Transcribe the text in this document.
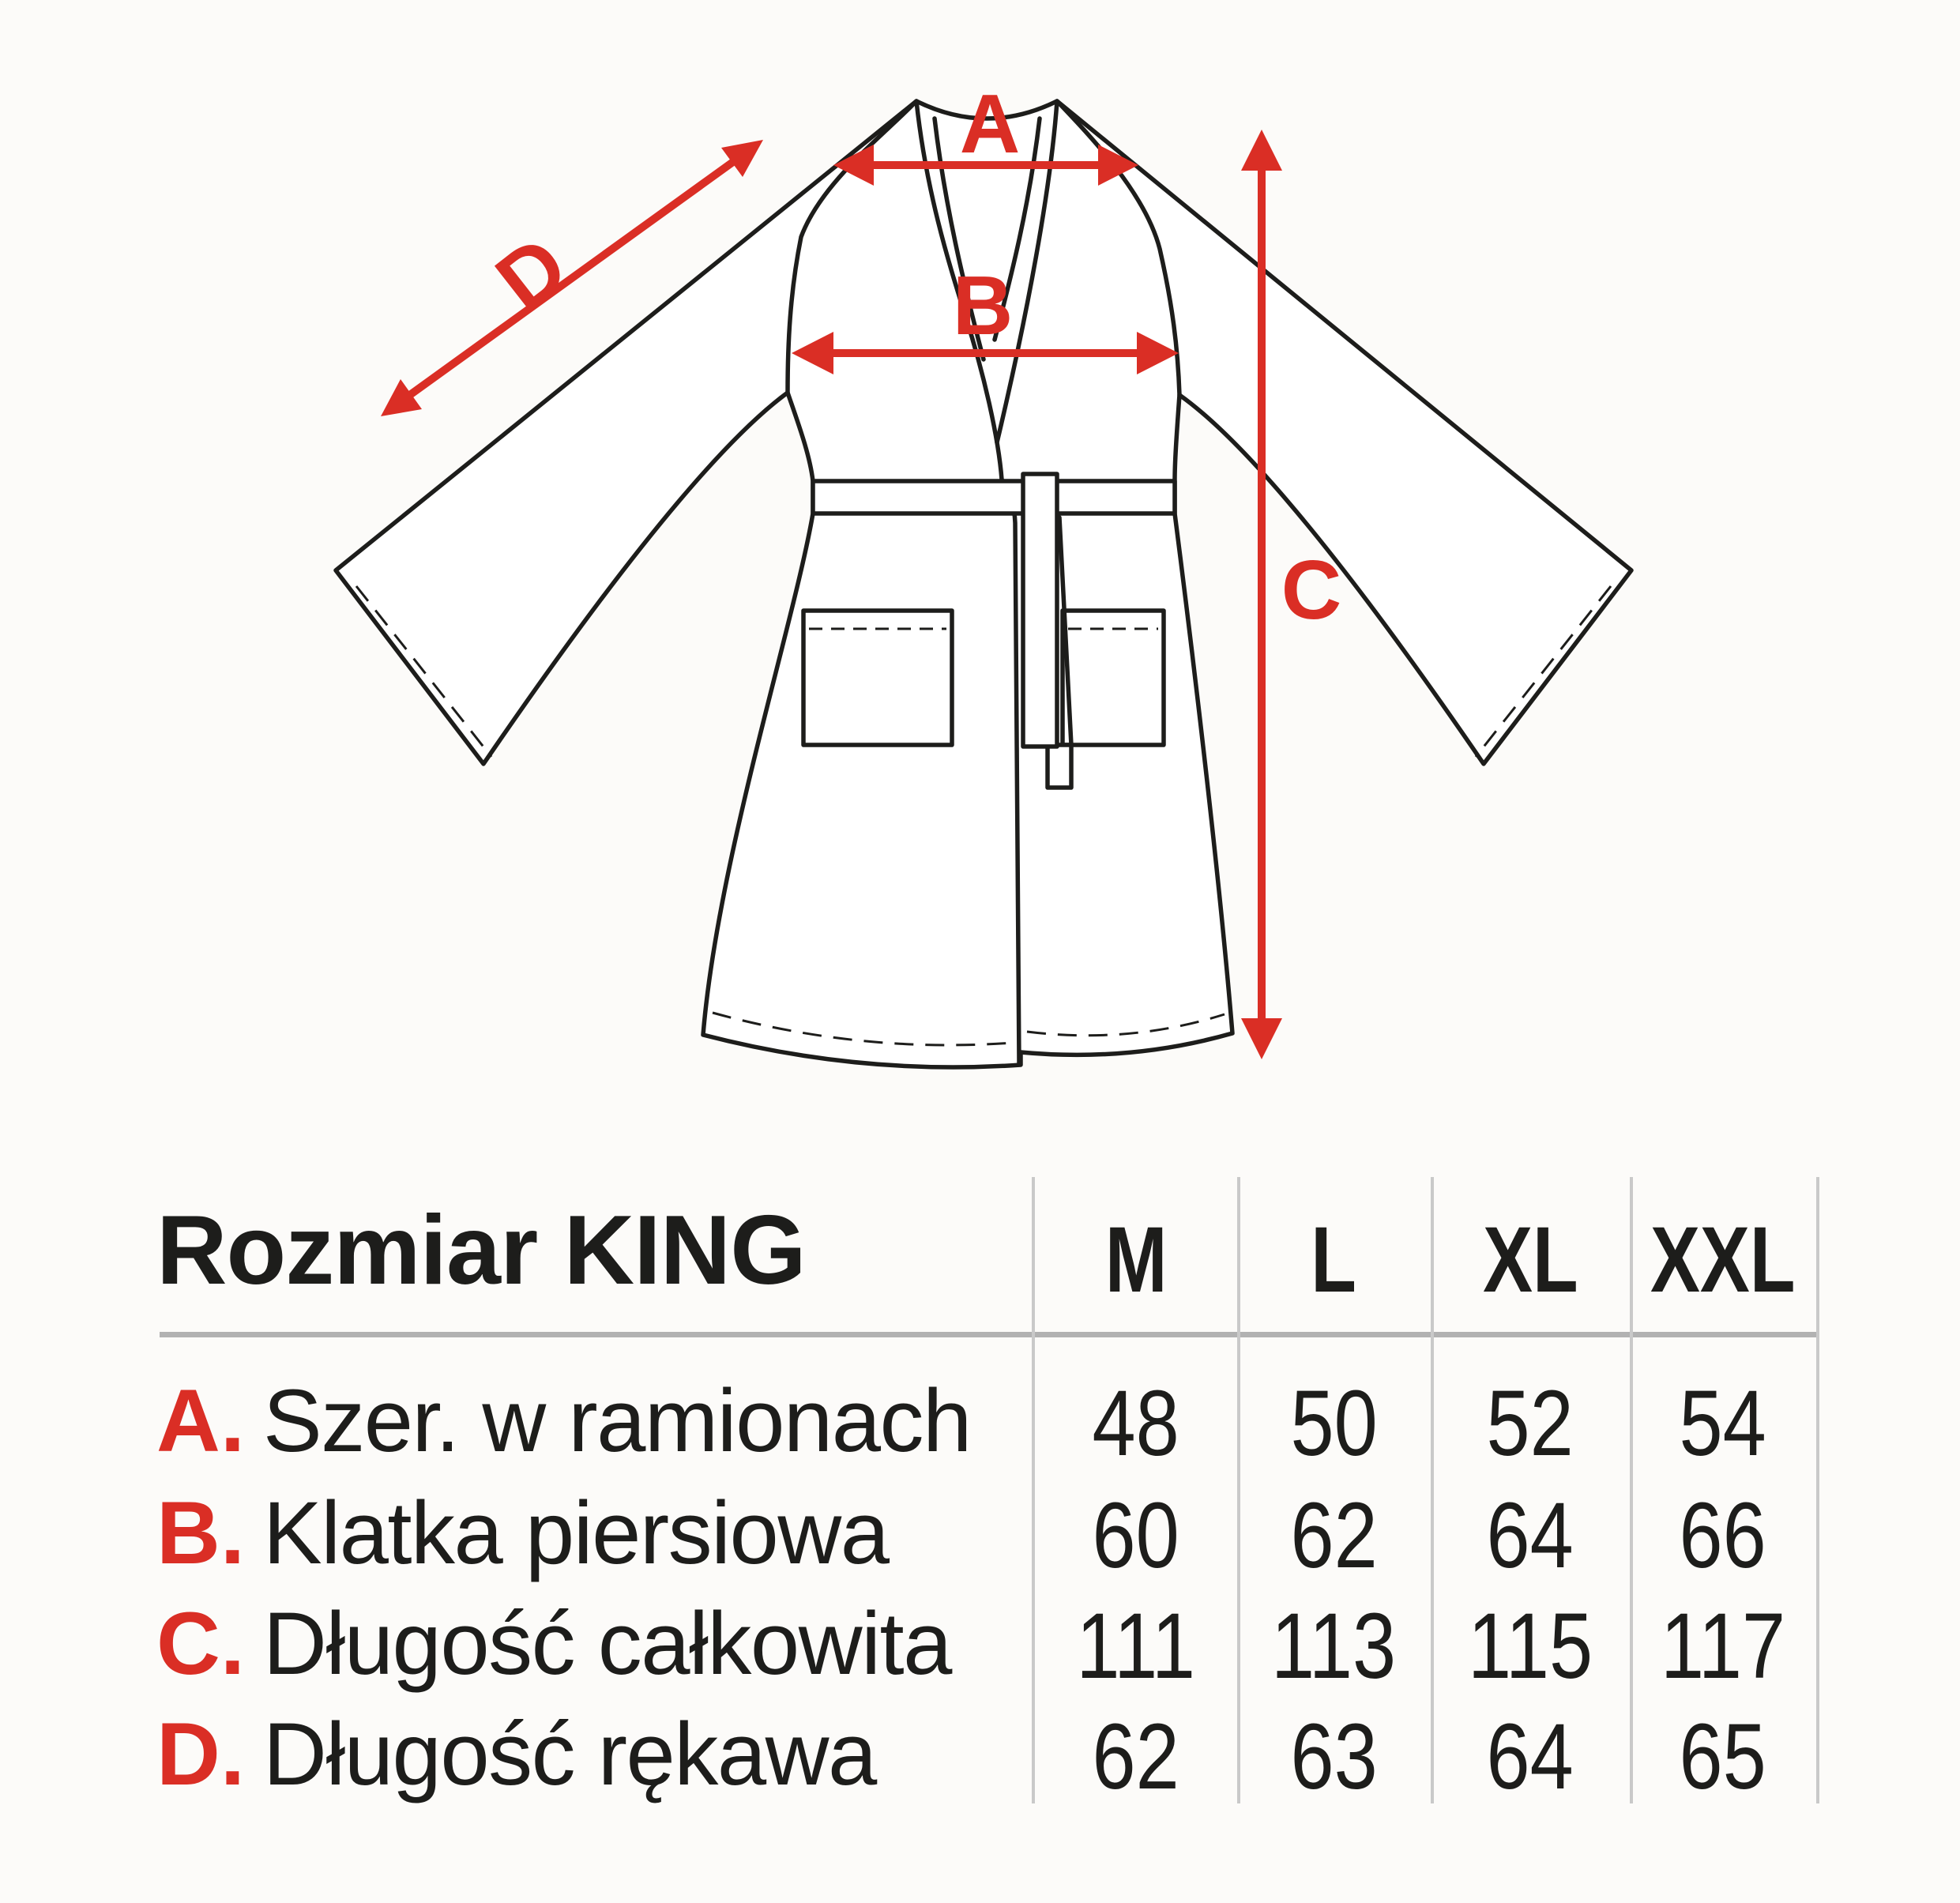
A
B
C
D
Rozmiar KING	M	L	XL XXL
A. Szer. w ramionach	48	50	52	54
B. Klatka piersiowa	60	62	64	66
C. Długość całkowita	111 113 115 117
D. Długość rękawa	62	63	64	65
